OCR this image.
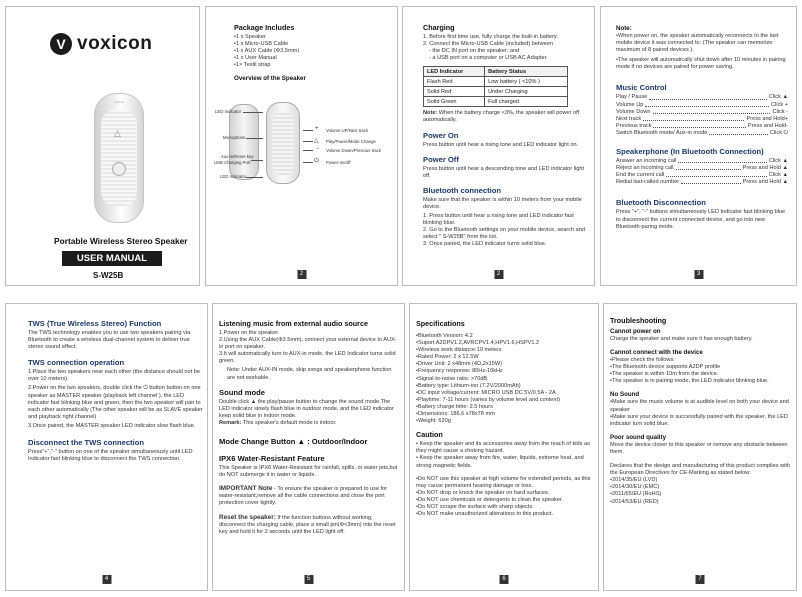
V voxicon
voxicon
△
Portable Wireless Stereo Speaker
USER MANUAL
S-W25B
Package Includes
• 1 x Speaker
• 1 x Micro-USB Cable
• 1 x AUX Cable (Φ3,5mm)
• 1 x User Manual
• 1× Textil strap
Overview of the Speaker
2
LED Indicator
Microphone
Aux-in/Reset key
USB Charging Port
LED Indicator
+
△
−
⏻
Volume UP/Next track
Play/Pause/Mode Change
Volume Down/Previous track
Power-on/off
Charging
1. Before first time use, fully charge the built-in battery.
2. Connect the Micro-USB Cable (included) between
- the DC IN port on the speaker; and
- a USB port on a computer or USB AC Adapter.
LED Indicator	Battery Status
Flash Red	Low battery ( <10% )
Solid Red	Under Charging
Solid Green	Full charged
Note: When the battery charge <3%, the speaker will power off automatically.
Power On
Press button until hear a rising tone and LED indicator light on.
Power Off
Press button until hear a descending tone and LED indicator light off.
Bluetooth connection
Make sure that the speaker is within 10 meters from your mobile device.
1. Press button until hear a rising tone and LED indicator fast blinking blue.
2. Go to the Bluetooth settings on your mobile device, search and select " S-W25B" from the list.
3. Once paired, the LED indicator turns solid blue.
2
Note:
• When power on, the speaker automatically reconnects to the last mobile device it was connected to. (The speaker can memorize maximum of 8 paired devices ).
• The speaker will automatically shut down after 10 minutes in pairing mode if no devices are paired for power saving.
Music Control
Play / Pause	Click ▲
Volume Up	Click +
Volume Down	Click -
Next track	Press and Hold+
Previous track	Press and Hold-
Switch Bluetooth mode/ Aux-in mode	Click ⏻
Speakerphone (In Bluetooth Connection)
Answer an incoming call	Click ▲
Reject an incoming call	Press and Hold ▲
End the current call	Click ▲
Redial last-called number	Press and Hold ▲
Bluetooth Disconnection
Press "+", "-" buttons simultaneously LED Indicator fast blinking blue to disconnect the current connected device, and go into new Bluetooth-paring mode.
3
TWS (True Wireless Stereo) Function
The TWS technology enables you to use two speakers pairing via Bluetooth to create a wireless dual-channel system to deliver true stereo sound effect.
TWS connection operation
1.Place the two speakers near each other (the distance should not be over 10 meters).
2.Power on the two speakers, double click the ⏻ button button on one speaker as MASTER speaker (playback left channel ), the LED indicator fast blinking blue and green, then the two speaker will pair to each other automatically (The other speaker will be as SLAVE speaker and playback right channel)
3.Once paired, the MASTER speaker LED indicator slow flash blue.
Disconnect the TWS connection
Press"+","-" button on one of the speaker simultaneously until LED Indicator fast blinking blue to disconnect the TWS connection.
4
Listening music from external audio source
1.Power on the speaker.
2.Using the AUX Cable(Φ3.5mm), connect your external device to AUX-in port on speaker.
3.It will automatically turn to AUX-in mode, the LED Indicator turns solid green.
Note: Under AUX-IN mode, skip songs and speakerphone function are not workable.
Sound mode
Double click ▲ the play/pause button to change the sound mode.The LED indicator slowly flash blue in outdoor mode, and the LED indicator keep solid blue in indoor mode.
Remark: This speaker's default mode is indoor.
Mode Change Button ▲ : Outdoor/Indoor
IPX6 Water-Resistant Feature
This Speaker is IPX6 Water-Resistant for rainfall, spills, or water jets,but do NOT submerge it in water or liquids.
IMPORTANT Note - To ensure the speaker is prepared to use for water-resistant,remove all the cable connections and close the port protection cover tightly.
Reset the speaker: If the function buttons without working, disconnect the charging cable, place a small pin(Φ<3mm) into the reset key and hold it for 2 seconds until the LED light off.
5
Specifications
• Bluetooth Version: 4.2
• Suport A2DPV1.2,AVRCPV1.4,HPV1.6,HSPV1.2
• Wireless work distance:10 meters
• Rated Power: 2 x 12.5W
• Driver Unit: 2 x48mm (4Ω,2x15W)
• Frequency response: 80Hz-16kHz
• Signal-to-noise ratio: >70dB
• Battery type: Lithium-ion (7.2V/2000mAh)
• DC input voltage/current: MICRO USB DC 5V/0.5A - 2A
• Playtime: 7-11 hours (varies by volume level and content)
• Battery charge time: 2.5 hours
• Dimensions: 186.6 x78x78 mm
• Weight: 620g
Caution
• Keep the speaker and its accessories away from the reach of kids as they might cause a choking hazard.
• Keep the speaker away from fire, water, liquids, extreme heat, and strong magnetic fields.
• Do NOT use this speaker at high volume for extended periods, as this may cause permanent hearing damage or loss.
• Do NOT drop or knock the speaker on hard surfaces.
• Do NOT use chemicals or detergents to clean the speaker.
• Do NOT scrape the surface with sharp objects.
• Do NOT make unauthorized alterations to this product.
6
Troubleshooting
Cannot power on
Charge the speaker and make sure it has enough battery.
Cannot connect with the device
• Please check the follows:
• The Bluetooth device supports A2DP profile
• The speaker is within 10m from the device.
• The speaker is in pairing mode, the LED indicator blinking blue.
No Sound
• Make sure the music volume is at audible level on both your device and speaker
• Make sure your device is successfully paired with the speaker, the LED indicator turn solid blue.
Poor sound quality
Move the device closer to this speaker or remove any obstacle between them.
Declares that the design and manufacturing of this product complies with the European Directives for CE-Marking as stated below:
• 2014/35/EU (LVD)
• 2014/30/EU (EMC)
• 2011/65/EU (RoHS)
• 2014/53/EU (RED)
7
